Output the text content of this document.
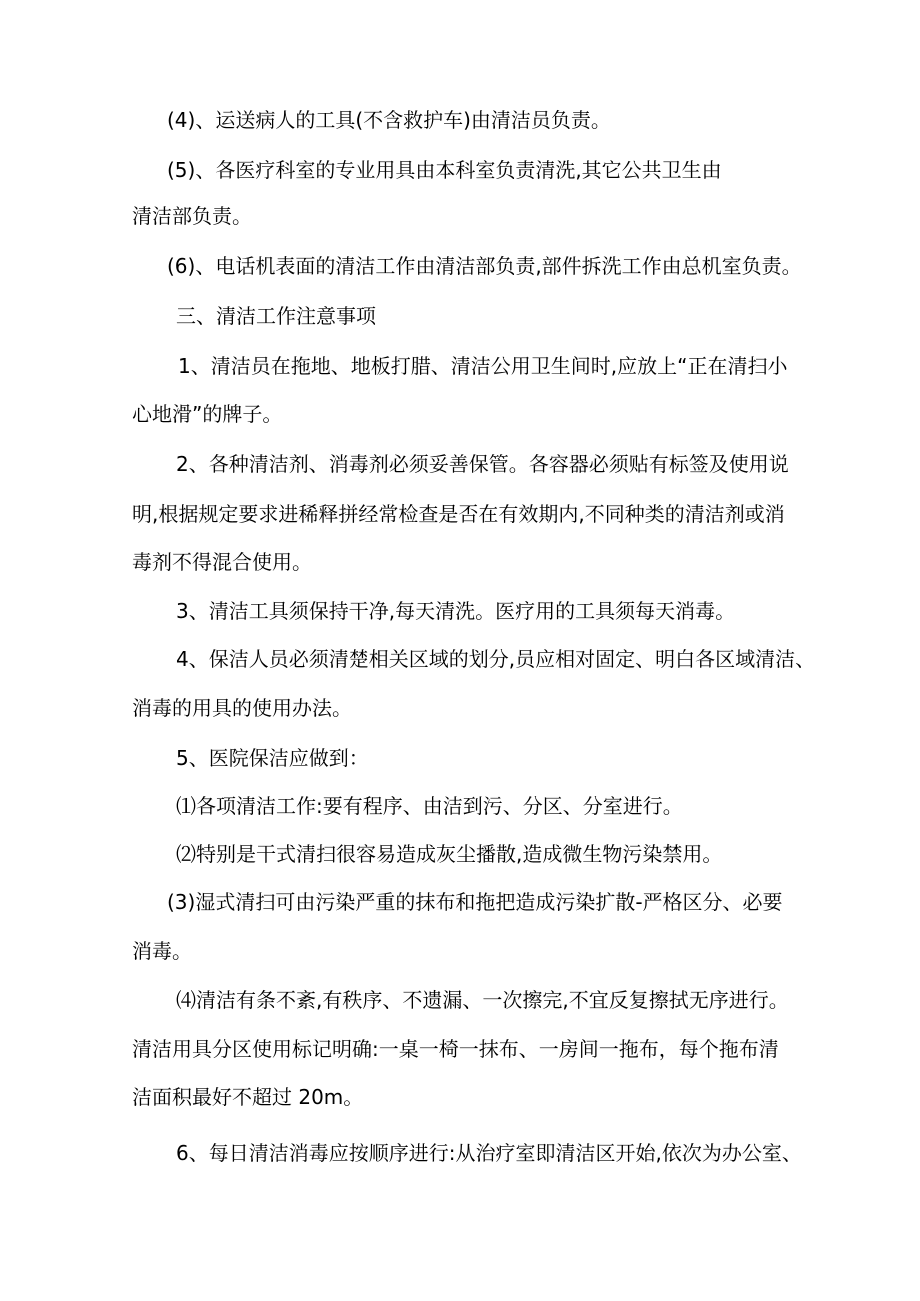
(4)、运送病人的工具(不含救护车)由清洁员负责。
(5)、各医疗科室的专业用具由本科室负责清洗,其它公共卫生由
清洁部负责。
(6)、电话机表面的清洁工作由清洁部负责,部件拆洗工作由总机室负责。
三、清洁工作注意事项
1、清洁员在拖地、地板打腊、清洁公用卫生间时,应放上“正在清扫小
心地滑”的牌子。
2、各种清洁剂、消毒剂必须妥善保管。各容器必须贴有标签及使用说
明,根据规定要求进稀释拼经常检查是否在有效期内,不同种类的清洁剂或消
毒剂不得混合使用。
3、清洁工具须保持干净,每天清洗。医疗用的工具须每天消毒。
4、保洁人员必须清楚相关区域的划分,员应相对固定、明白各区域清洁、
消毒的用具的使用办法。
5、医院保洁应做到：
⑴各项清洁工作:要有程序、由洁到污、分区、分室进行。
⑵特别是干式清扫很容易造成灰尘播散,造成微生物污染禁用。
(3)湿式清扫可由污染严重的抹布和拖把造成污染扩散-严格区分、必要
消毒。
⑷清洁有条不紊,有秩序、不遗漏、一次擦完,不宜反复擦拭无序进行。
清洁用具分区使用标记明确:一桌一椅一抹布、一房间一拖布，每个拖布清
洁面积最好不超过 20m。
6、每日清洁消毒应按顺序进行:从治疗室即清洁区开始,依次为办公室、
